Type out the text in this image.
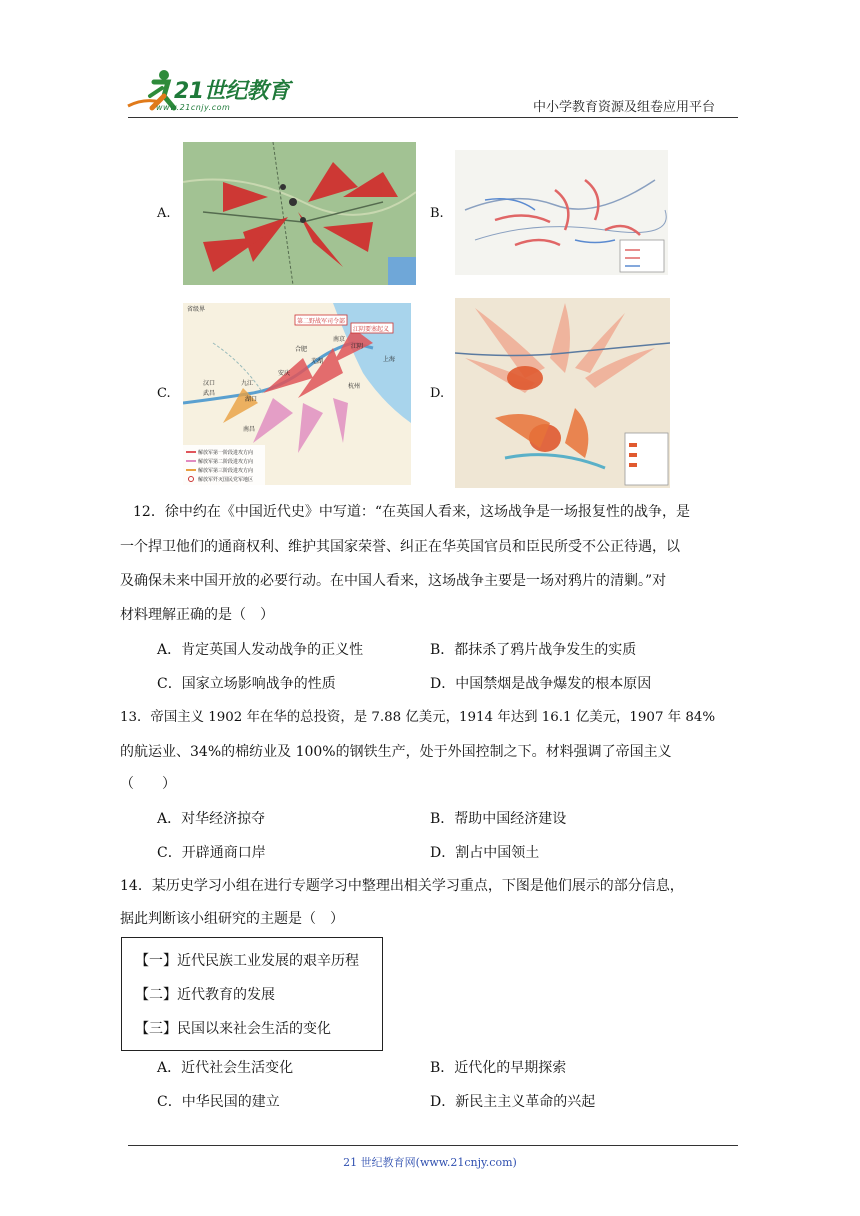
21世纪教育
www.21cnjy.com	中小学教育资源及组卷应用平台
A.	B.
C.
第二野战军司令部
江阴要塞起义
省级界
合肥
芜湖
南京
江阴
上海
杭州
安庆
汉口
武昌
九江
湖口
南昌
解放军第一阶段进攻方向
解放军第二阶段进攻方向
解放军第三阶段进攻方向
解放军歼灭国民党军地区
D.
12．徐中约在《中国近代史》中写道：“在英国人看来，这场战争是一场报复性的战争，是
一个捍卫他们的通商权利、维护其国家荣誉、纠正在华英国官员和臣民所受不公正待遇，以
及确保未来中国开放的必要行动。在中国人看来，这场战争主要是一场对鸦片的清剿。”对
材料理解正确的是（　）
A．肯定英国人发动战争的正义性	B．都抹杀了鸦片战争发生的实质
C．国家立场影响战争的性质	D．中国禁烟是战争爆发的根本原因
13．帝国主义 1902 年在华的总投资，是 7.88 亿美元，1914 年达到 16.1 亿美元，1907 年 84%
的航运业、34%的棉纺业及 100%的钢铁生产，处于外国控制之下。材料强调了帝国主义
（　　）
A．对华经济掠夺	B．帮助中国经济建设
C．开辟通商口岸	D．割占中国领土
14．某历史学习小组在进行专题学习中整理出相关学习重点，下图是他们展示的部分信息，
据此判断该小组研究的主题是（　）
【一】近代民族工业发展的艰辛历程
【二】近代教育的发展
【三】民国以来社会生活的变化
A．近代社会生活变化	B．近代化的早期探索
C．中华民国的建立	D．新民主主义革命的兴起
21 世纪教育网(www.21cnjy.com)
